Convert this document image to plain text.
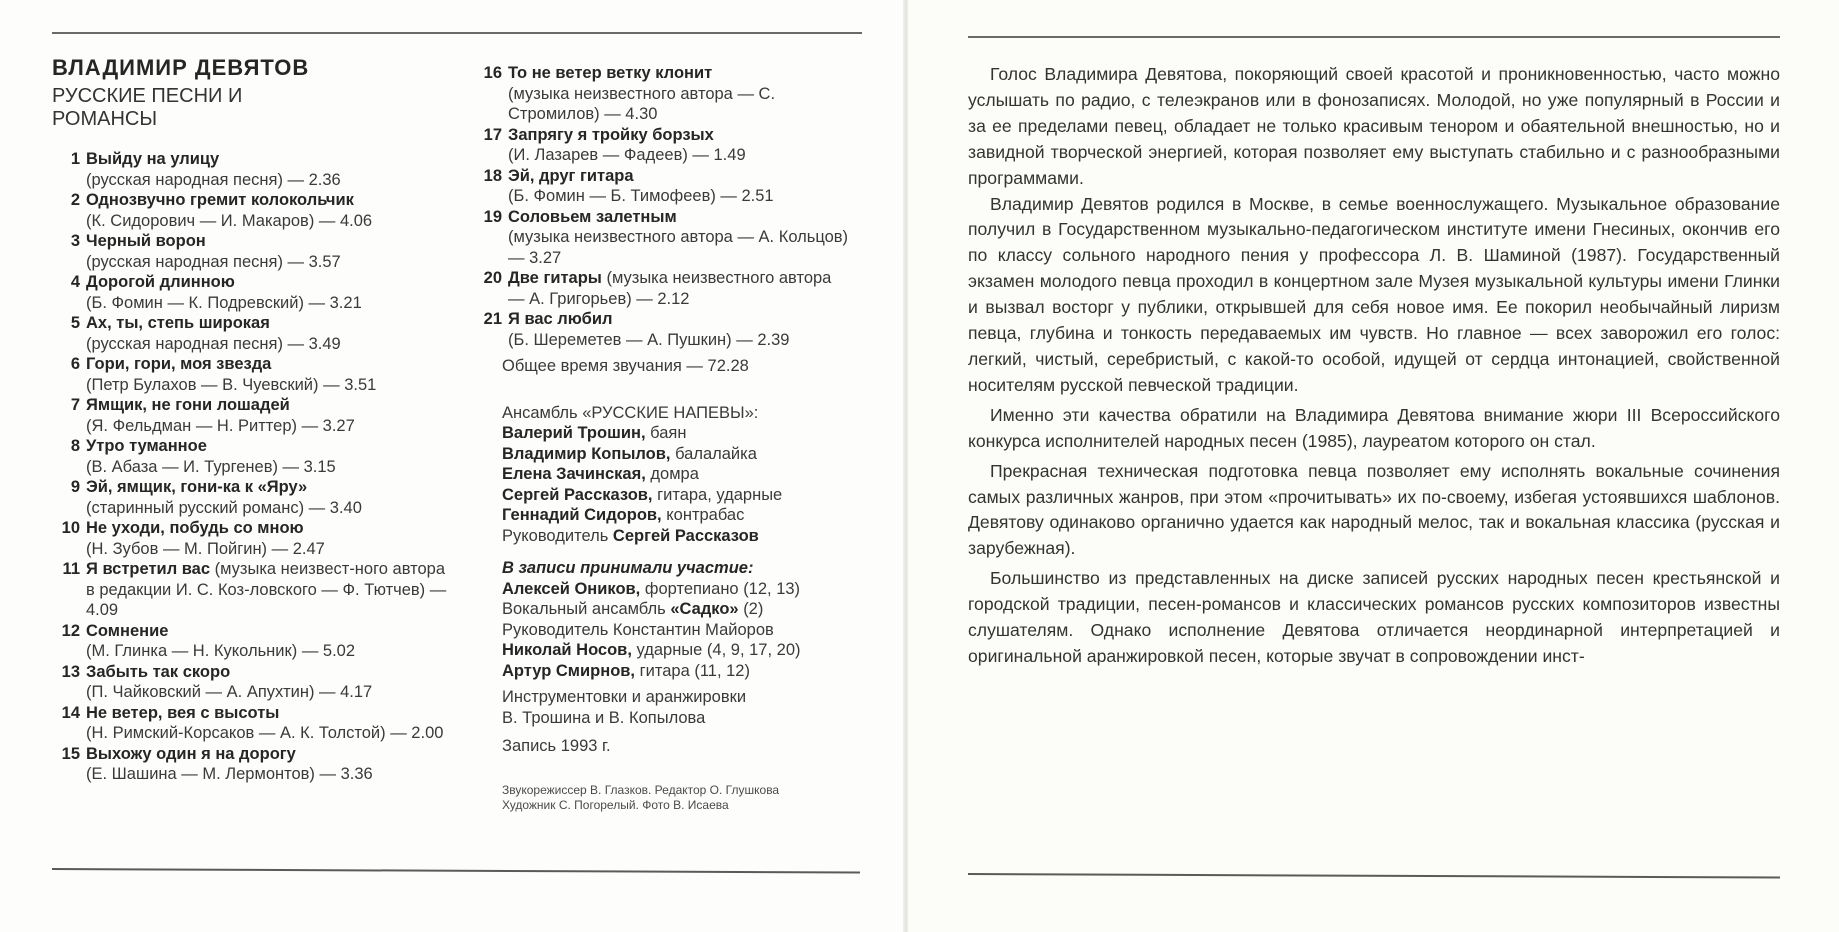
ВЛАДИМИР ДЕВЯТОВ
РУССКИЕ ПЕСНИ И РОМАНСЫ
1 Выйду на улицу
(русская народная песня) — 2.36
2 Однозвучно гремит колокольчик
(К. Сидорович — И. Макаров) — 4.06
3 Черный ворон
(русская народная песня) — 3.57
4 Дорогой длинною
(Б. Фомин — К. Подревский) — 3.21
5 Ах, ты, степь широкая
(русская народная песня) — 3.49
6 Гори, гори, моя звезда
(Петр Булахов — В. Чуевский) — 3.51
7 Ямщик, не гони лошадей
(Я. Фельдман — Н. Риттер) — 3.27
8 Утро туманное
(В. Абаза — И. Тургенев) — 3.15
9 Эй, ямщик, гони-ка к «Яру»
(старинный русский романс) — 3.40
10 Не уходи, побудь со мною
(Н. Зубов — М. Пойгин) — 2.47
11 Я встретил вас (музыка неизвест-ного автора в редакции И. С. Коз-ловского — Ф. Тютчев) — 4.09
12 Сомнение
(М. Глинка — Н. Кукольник) — 5.02
13 Забыть так скоро
(П. Чайковский — А. Апухтин) — 4.17
14 Не ветер, вея с высоты
(Н. Римский-Корсаков — А. К. Толстой) — 2.00
15 Выхожу один я на дорогу
(Е. Шашина — М. Лермонтов) — 3.36
16 То не ветер ветку клонит
(музыка неизвестного автора — С. Стромилов) — 4.30
17 Запрягу я тройку борзых
(И. Лазарев — Фадеев) — 1.49
18 Эй, друг гитара
(Б. Фомин — Б. Тимофеев) — 2.51
19 Соловьем залетным
(музыка неизвестного автора — А. Кольцов) — 3.27
20 Две гитары (музыка неизвестного автора — А. Григорьев) — 2.12
21 Я вас любил
(Б. Шереметев — А. Пушкин) — 2.39
Общее время звучания — 72.28
Ансамбль «РУССКИЕ НАПЕВЫ»:
Валерий Трошин, баян
Владимир Копылов, балалайка
Елена Зачинская, домра
Сергей Рассказов, гитара, ударные
Геннадий Сидоров, контрабас
Руководитель Сергей Рассказов
В записи принимали участие:
Алексей Оников, фортепиано (12, 13)
Вокальный ансамбль «Садко» (2)
Руководитель Константин Майоров
Николай Носов, ударные (4, 9, 17, 20)
Артур Смирнов, гитара (11, 12)
Инструментовки и аранжировки
В. Трошина и В. Копылова
Запись 1993 г.
Звукорежиссер В. Глазков. Редактор О. Глушкова
Художник С. Погорелый. Фото В. Исаева

Голос Владимира Девятова, покоряющий своей красотой и проникновенностью, часто можно услышать по радио, с телеэкранов или в фонозаписях. Молодой, но уже популярный в России и за ее пределами певец, обладает не только красивым тенором и обаятельной внешностью, но и завидной творческой энергией, которая позволяет ему выступать стабильно и с разнообразными программами.

Владимир Девятов родился в Москве, в семье военнослужащего. Музыкальное образование получил в Государственном музыкально-педагогическом институте имени Гнесиных, окончив его по классу сольного народного пения у профессора Л. В. Шаминой (1987). Государственный экзамен молодого певца проходил в концертном зале Музея музыкальной культуры имени Глинки и вызвал восторг у публики, открывшей для себя новое имя. Ее покорил необычайный лиризм певца, глубина и тонкость передаваемых им чувств. Но главное — всех заворожил его голос: легкий, чистый, серебристый, с какой-то особой, идущей от сердца интонацией, свойственной носителям русской певческой традиции.

Именно эти качества обратили на Владимира Девятова внимание жюри III Всероссийского конкурса исполнителей народных песен (1985), лауреатом которого он стал.

Прекрасная техническая подготовка певца позволяет ему исполнять вокальные сочинения самых различных жанров, при этом «прочитывать» их по-своему, избегая устоявшихся шаблонов. Девятову одинаково органично удается как народный мелос, так и вокальная классика (русская и зарубежная).

Большинство из представленных на диске записей русских народных песен крестьянской и городской традиции, песен-романсов и классических романсов русских композиторов известны слушателям. Однако исполнение Девятова отличается неординарной интерпретацией и оригинальной аранжировкой песен, которые звучат в сопровождении инст-
